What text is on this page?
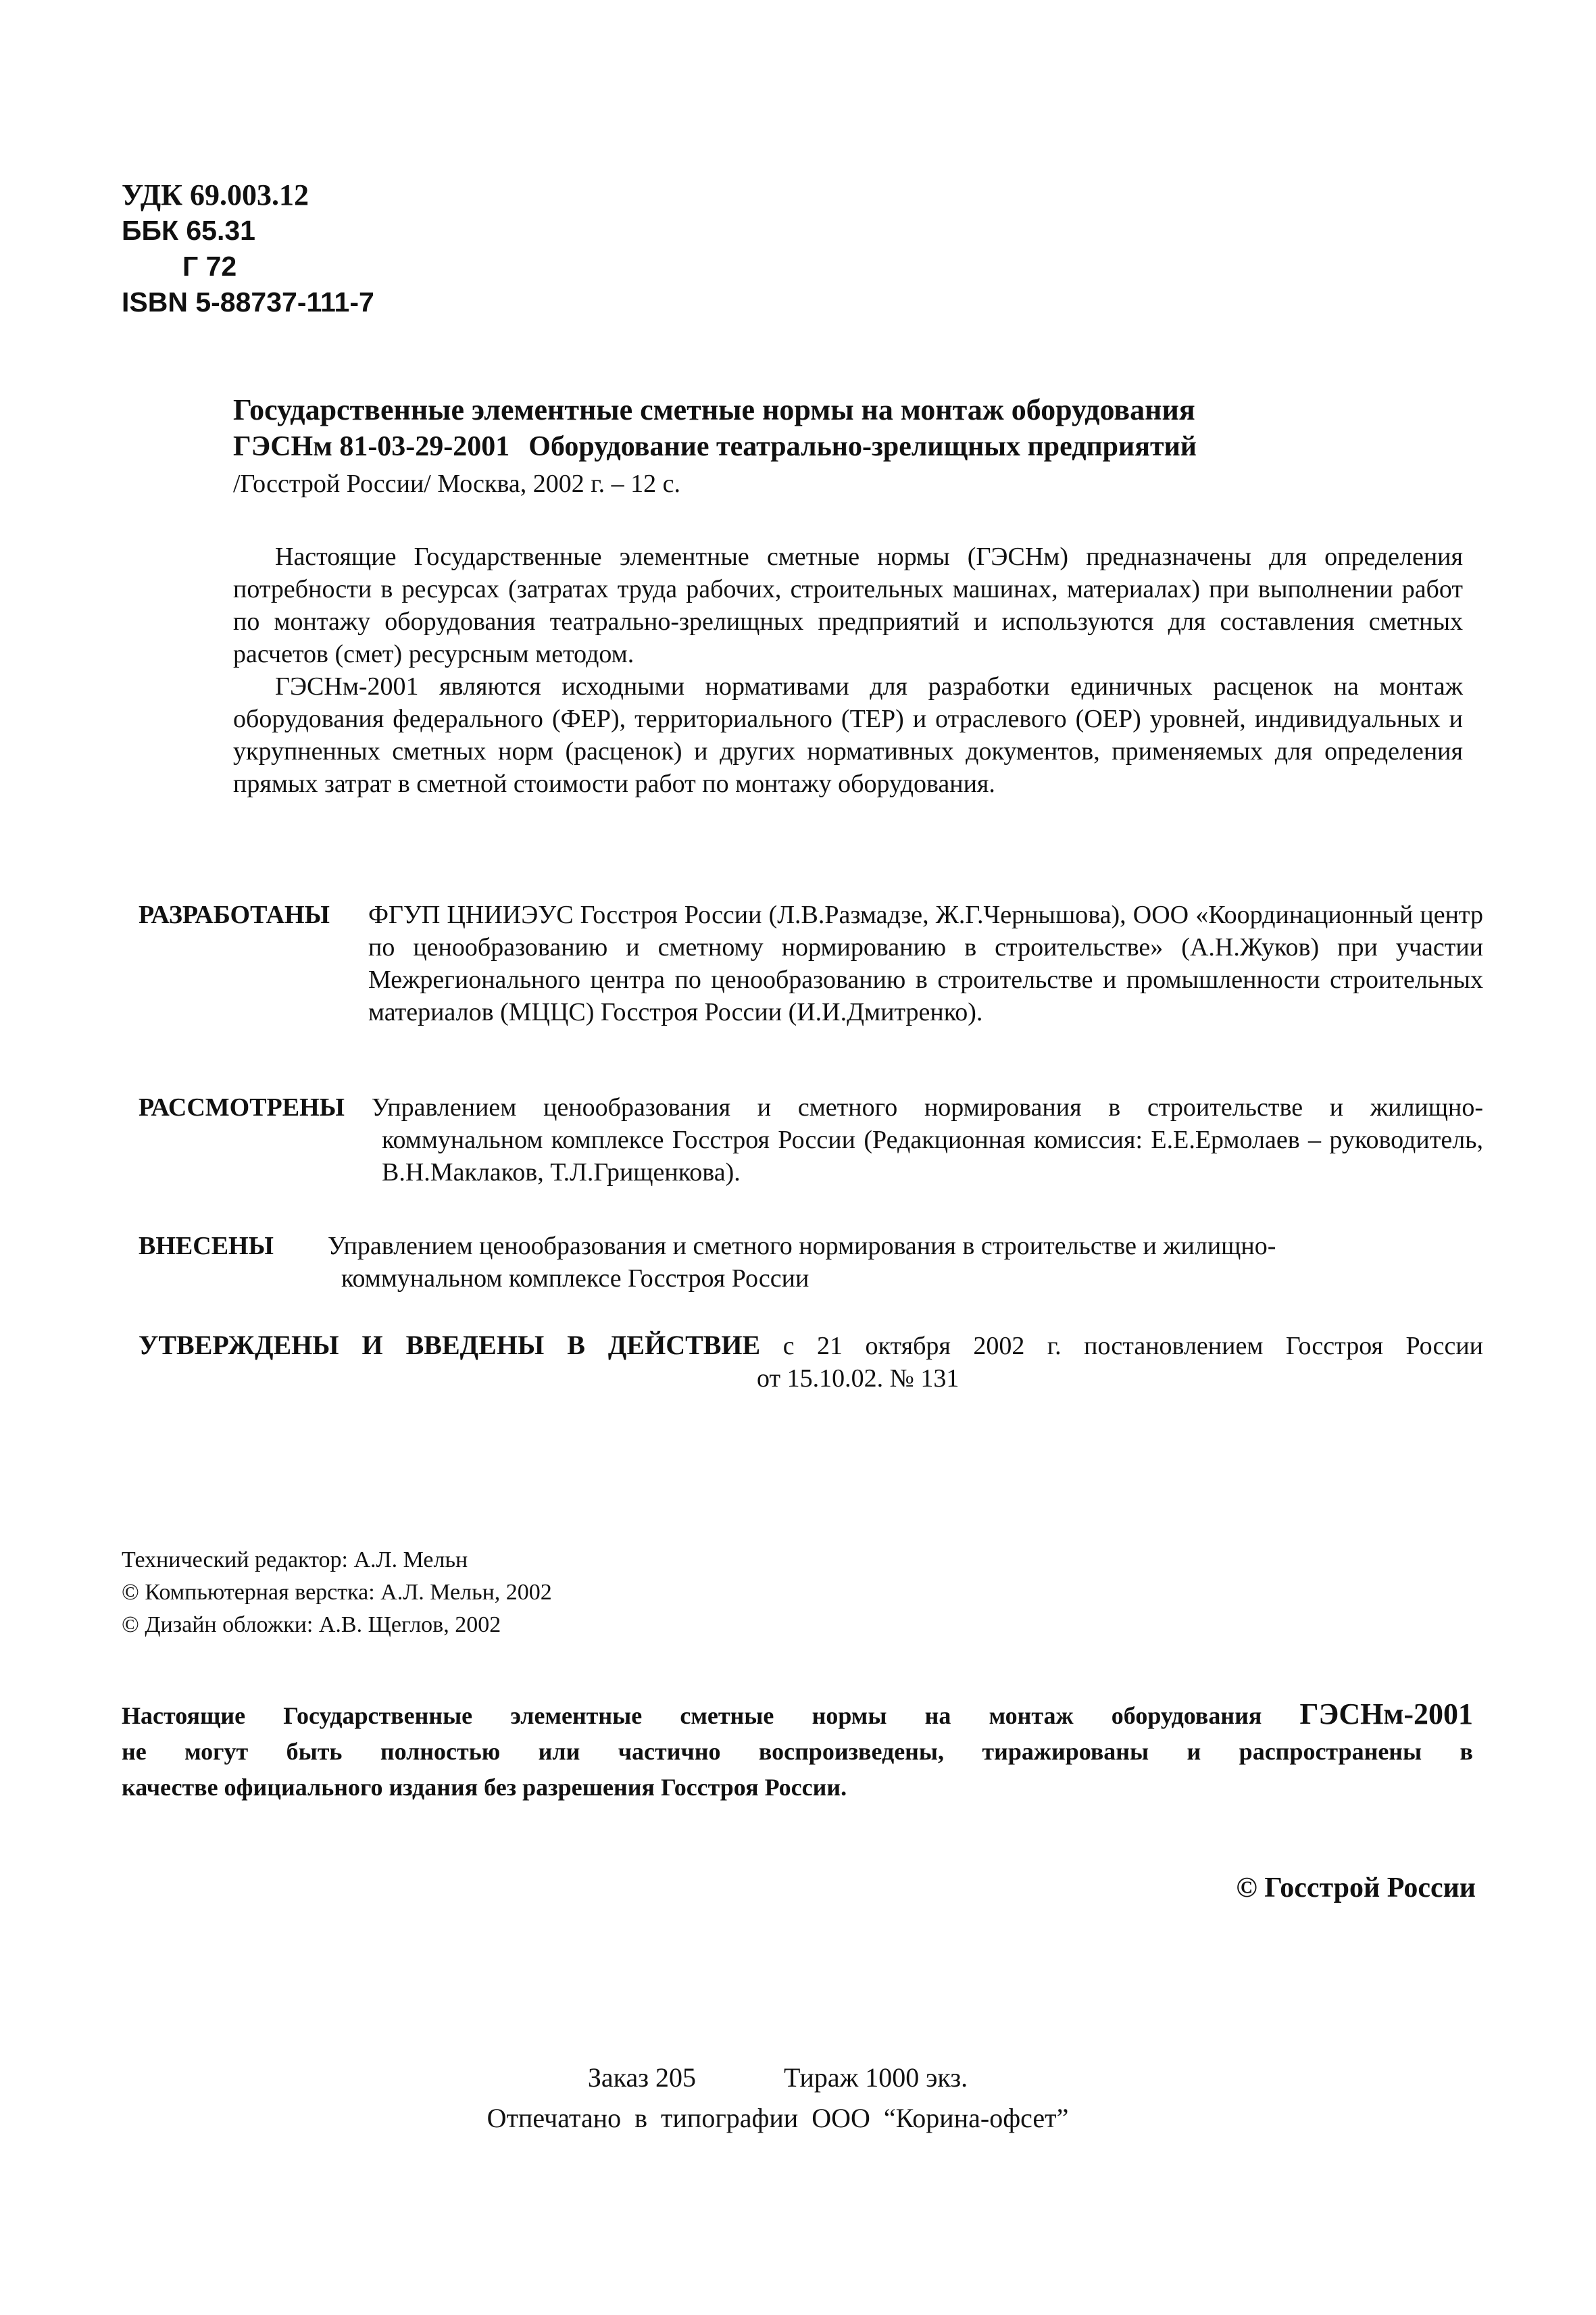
УДК 69.003.12
ББК 65.31
Г 72
ISBN 5-88737-111-7
Государственные элементные сметные нормы на монтаж оборудования
ГЭСНм 81-03-29-2001 Оборудование театрально-зрелищных предприятий
/Госстрой России/ Москва, 2002 г. – 12 с.

Настоящие Государственные элементные сметные нормы (ГЭСНм) предназначены для определения потребности в ресурсах (затратах труда рабочих, строительных машинах, материалах) при выполнении работ по монтажу оборудования театрально-зрелищных предприятий и используются для составления сметных расчетов (смет) ресурсным методом.

ГЭСНм-2001 являются исходными нормативами для разработки единичных расценок на монтаж оборудования федерального (ФЕР), территориального (ТЕР) и отраслевого (ОЕР) уровней, индивидуальных и укрупненных сметных норм (расценок) и других нормативных документов, применяемых для определения прямых затрат в сметной стоимости работ по монтажу оборудования.

РАЗРАБОТАНЫ	ФГУП ЦНИИЭУС Госстроя России (Л.В.Размадзе, Ж.Г.Чернышова), ООО «Координационный центр по ценообразованию и сметному нормированию в строительстве» (А.Н.Жуков) при участии Межрегионального центра по ценообразованию в строительстве и промышленности строительных материалов (МЦЦС) Госстроя России (И.И.Дмитренко).
РАССМОТРЕНЫ Управлением ценообразования и сметного нормирования в строительстве и жилищно-
коммунальном комплексе Госстроя России (Редакционная комиссия: Е.Е.Ермолаев – руководитель, В.Н.Маклаков, Т.Л.Грищенкова).
ВНЕСЕНЫ	Управлением ценообразования и сметного нормирования в строительстве и жилищно-
коммунальном комплексе Госстроя России
УТВЕРЖДЕНЫ И ВВЕДЕНЫ В ДЕЙСТВИЕ с 21 октября 2002 г. постановлением Госстроя России
от 15.10.02. № 131
Технический редактор: А.Л. Мельн
© Компьютерная верстка: А.Л. Мельн, 2002
© Дизайн обложки: А.В. Щеглов, 2002
Настоящие Государственные элементные сметные нормы на монтаж оборудования ГЭСНм-2001
не могут быть полностью или частично воспроизведены, тиражированы и распространены в
качестве официального издания без разрешения Госстроя России.
© Госстрой России
Заказ 205	Тираж 1000 экз.
Отпечатано в типографии ООО “Корина-офсет”
